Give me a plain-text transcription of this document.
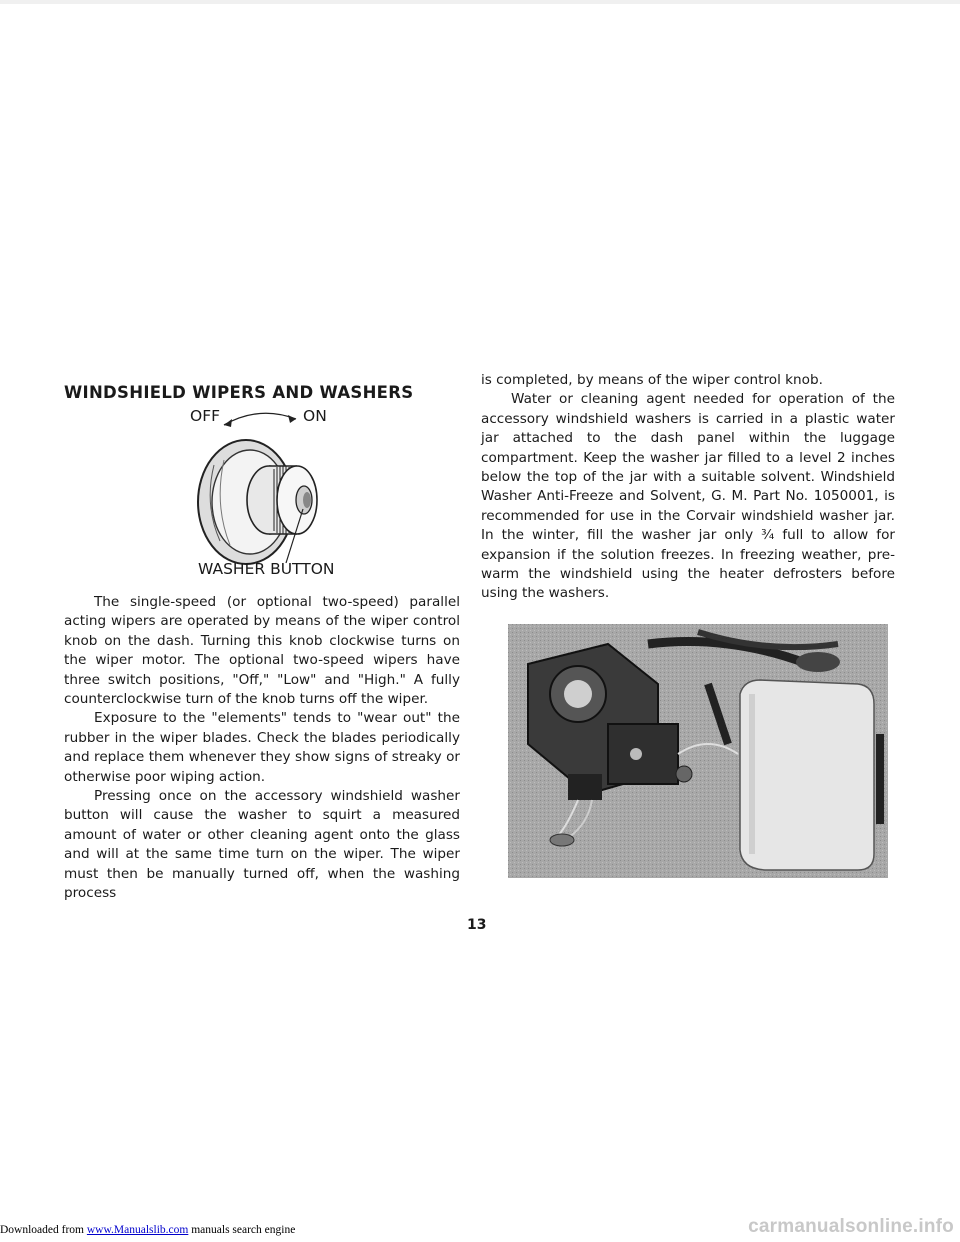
WINDSHIELD WIPERS AND WASHERS
OFF	ON
WASHER BUTTON

The single-speed (or optional two-speed) parallel acting wipers are operated by means of the wiper control knob on the dash. Turning this knob clockwise turns on the wiper motor. The optional two-speed wipers have three switch positions, "Off," "Low" and "High." A fully counterclockwise turn of the knob turns off the wiper.

Exposure to the "elements" tends to "wear out" the rubber in the wiper blades. Check the blades periodically and replace them whenever they show signs of streaky or otherwise poor wiping action.

Pressing once on the accessory windshield washer button will cause the washer to squirt a measured amount of water or other cleaning agent onto the glass and will at the same time turn on the wiper. The wiper must then be manually turned off, when the washing process

is completed, by means of the wiper control knob.

Water or cleaning agent needed for operation of the accessory windshield washers is carried in a plastic water jar attached to the dash panel within the luggage compartment. Keep the washer jar filled to a level 2 inches below the top of the jar with a suitable solvent. Windshield Washer Anti-Freeze and Solvent, G. M. Part No. 1050001, is recommended for use in the Corvair windshield washer jar. In the winter, fill the washer jar only ¾ full to allow for expansion if the solution freezes. In freezing weather, pre-warm the windshield using the heater defrosters before using the washers.

13
Downloaded from www.Manualslib.com manuals search engine	carmanualsonline.info
